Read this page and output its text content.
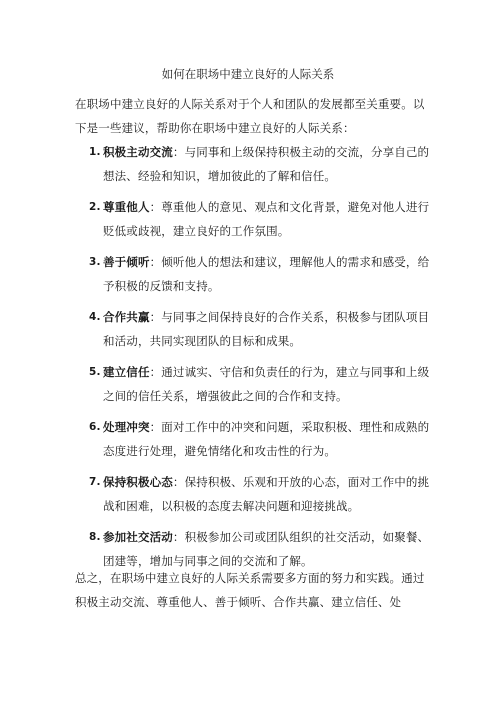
如何在职场中建立良好的人际关系
在职场中建立良好的人际关系对于个人和团队的发展都至关重要。以下是一些建议，帮助你在职场中建立良好的人际关系：
1. 积极主动交流：与同事和上级保持积极主动的交流，分享自己的想法、经验和知识，增加彼此的了解和信任。
2. 尊重他人：尊重他人的意见、观点和文化背景，避免对他人进行贬低或歧视，建立良好的工作氛围。
3. 善于倾听：倾听他人的想法和建议，理解他人的需求和感受，给予积极的反馈和支持。
4. 合作共赢：与同事之间保持良好的合作关系，积极参与团队项目和活动，共同实现团队的目标和成果。
5. 建立信任：通过诚实、守信和负责任的行为，建立与同事和上级之间的信任关系，增强彼此之间的合作和支持。
6. 处理冲突：面对工作中的冲突和问题，采取积极、理性和成熟的态度进行处理，避免情绪化和攻击性的行为。
7. 保持积极心态：保持积极、乐观和开放的心态，面对工作中的挑战和困难，以积极的态度去解决问题和迎接挑战。
8. 参加社交活动：积极参加公司或团队组织的社交活动，如聚餐、团建等，增加与同事之间的交流和了解。
总之，在职场中建立良好的人际关系需要多方面的努力和实践。通过积极主动交流、尊重他人、善于倾听、合作共赢、建立信任、处
